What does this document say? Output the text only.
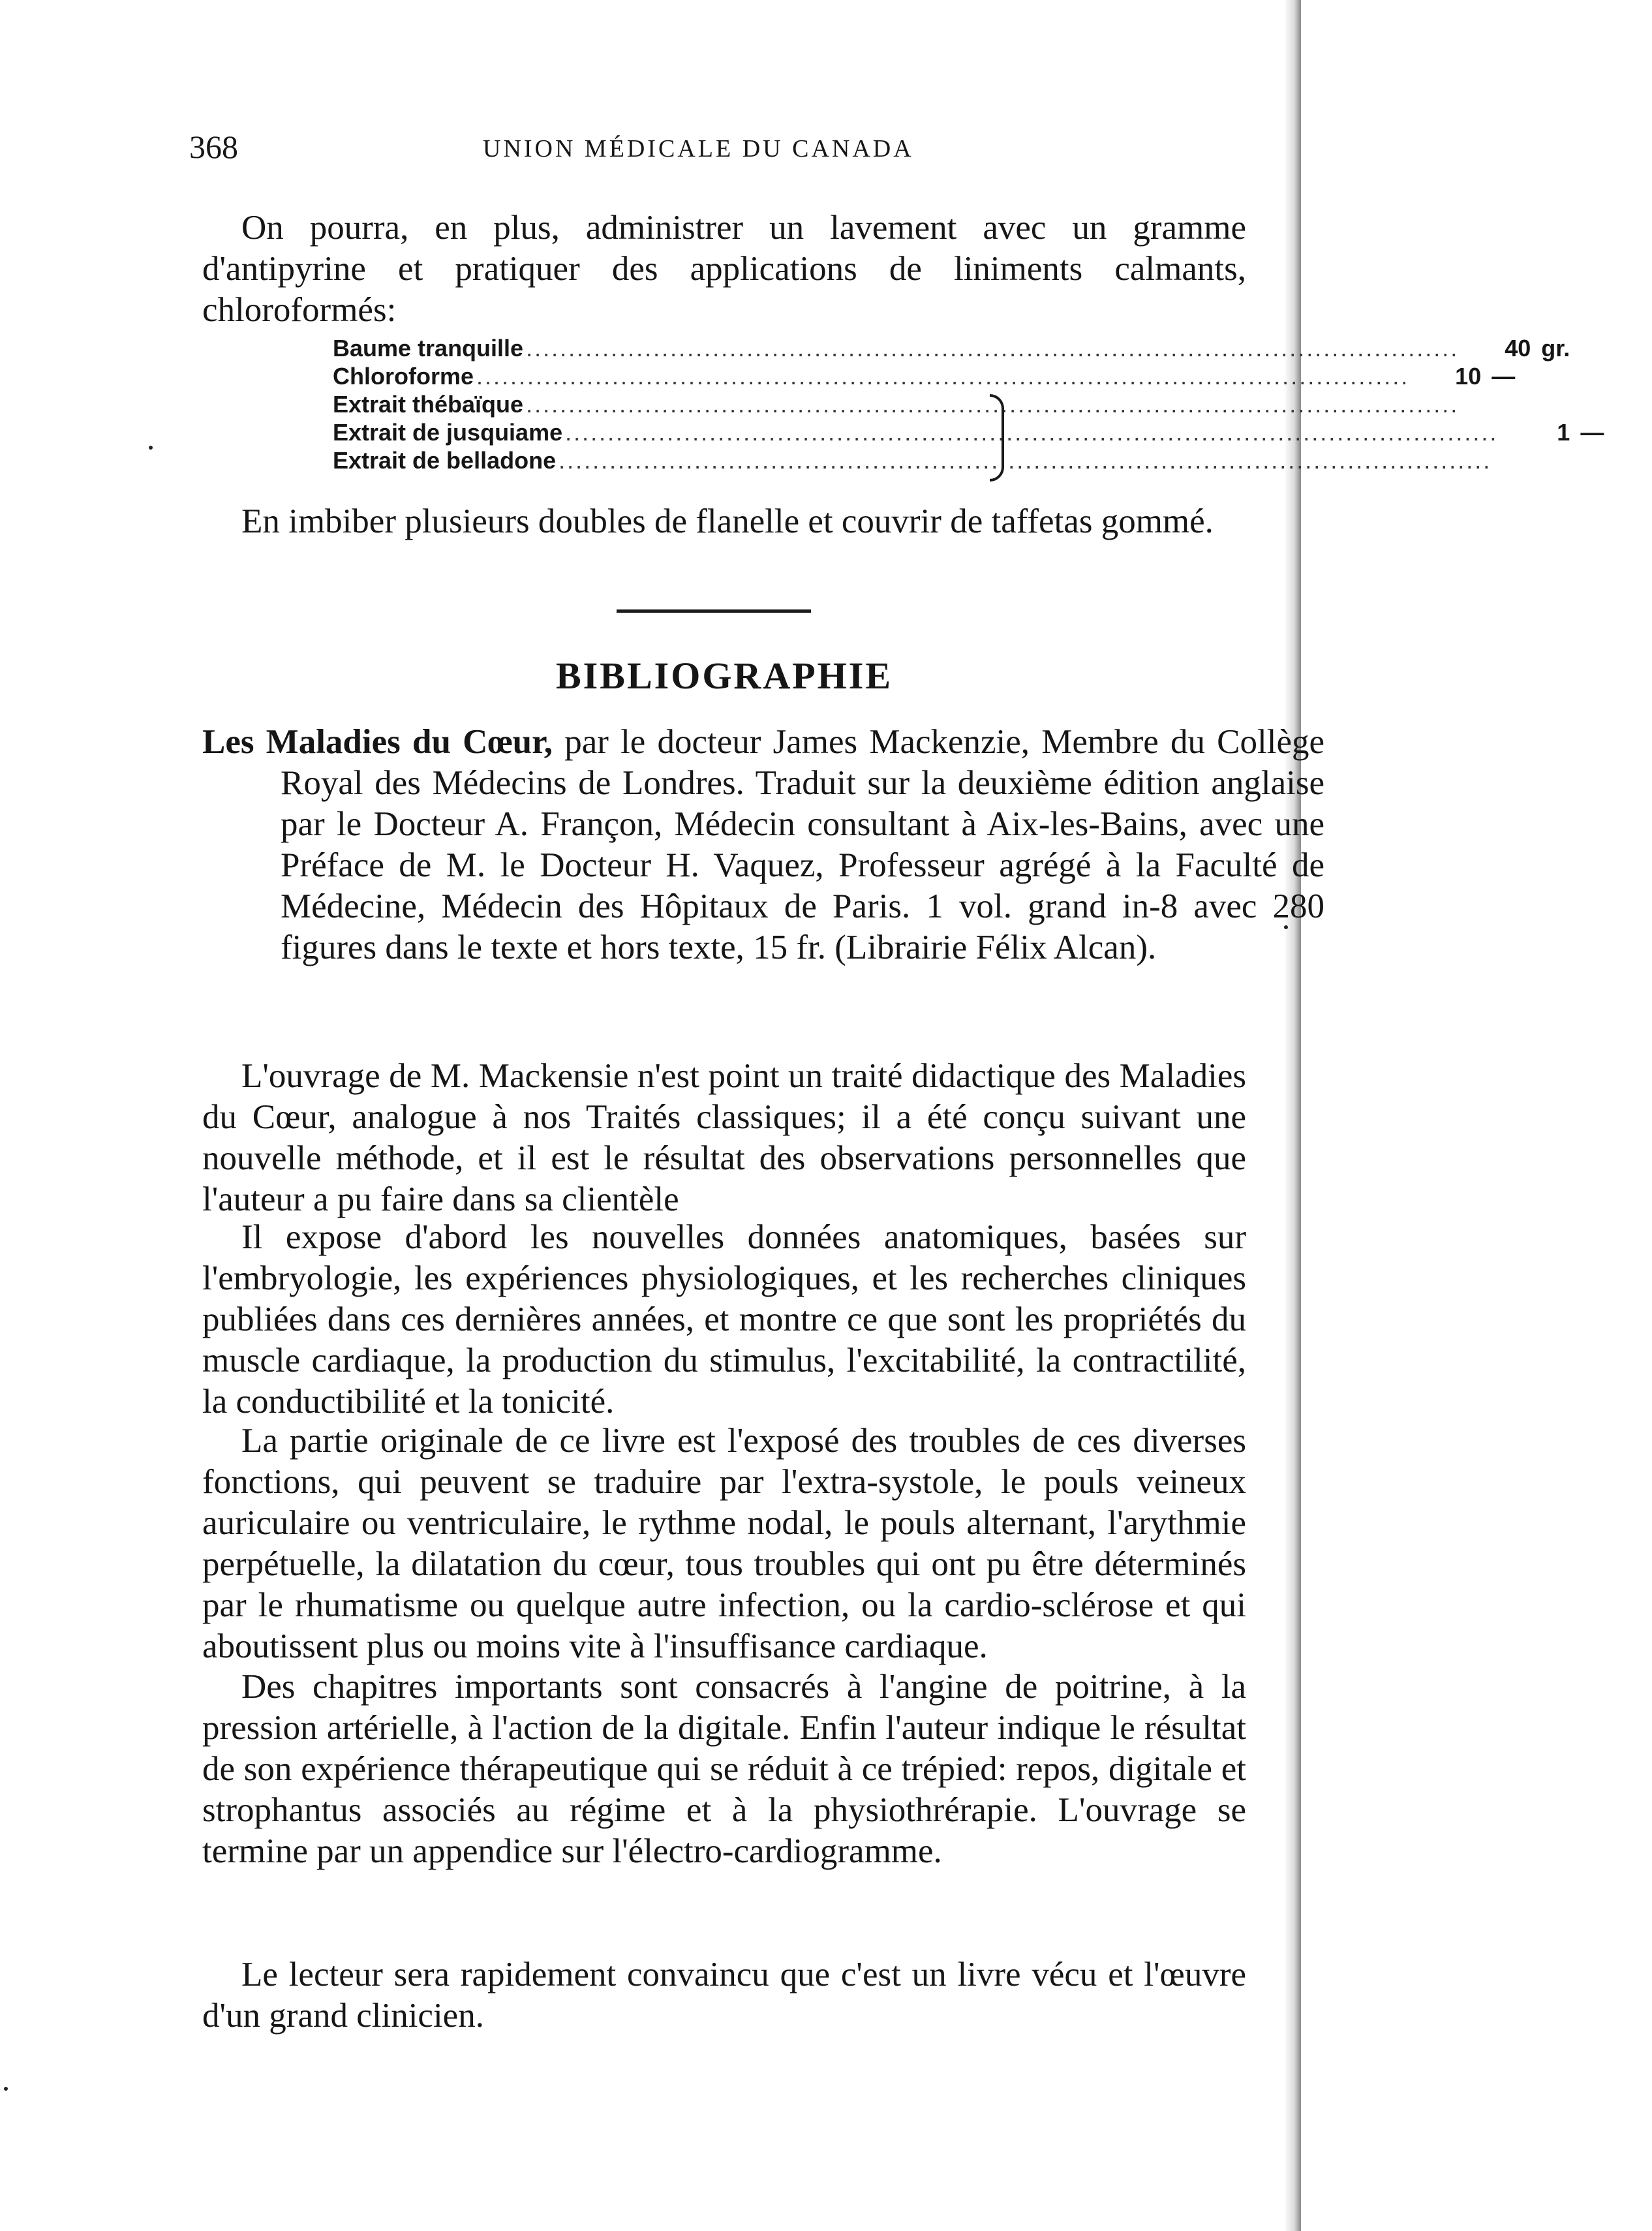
368	UNION MÉDICALE DU CANADA

On pourra, en plus, administrer un lavement avec un gramme d'antipyrine et pratiquer des applications de liniments calmants, chloroformés:

Baume tranquille ..............................................................................................................	40 gr.
Chloroforme ..............................................................................................................	10 —
Extrait thébaïque ..............................................................................................................
Extrait de jusquiame ..............................................................................................................	1 —
Extrait de belladone ..............................................................................................................

En imbiber plusieurs doubles de flanelle et couvrir de taffetas gommé.

BIBLIOGRAPHIE

Les Maladies du Cœur, par le docteur James Mackenzie, Membre du Collège Royal des Médecins de Londres. Traduit sur la deuxième édition anglaise par le Docteur A. Françon, Médecin consultant à Aix-les-Bains, avec une Préface de M. le Docteur H. Vaquez, Professeur agrégé à la Faculté de Médecine, Médecin des Hôpitaux de Paris. 1 vol. grand in-8 avec 280 figures dans le texte et hors texte, 15 fr. (Librairie Félix Alcan).

L'ouvrage de M. Mackensie n'est point un traité didactique des Maladies du Cœur, analogue à nos Traités classiques; il a été conçu suivant une nouvelle méthode, et il est le résultat des observations personnelles que l'auteur a pu faire dans sa clientèle

Il expose d'abord les nouvelles données anatomiques, basées sur l'embryologie, les expériences physiologiques, et les recherches cliniques publiées dans ces dernières années, et montre ce que sont les propriétés du muscle cardiaque, la production du stimulus, l'excitabilité, la contractilité, la conductibilité et la tonicité.

La partie originale de ce livre est l'exposé des troubles de ces diverses fonctions, qui peuvent se traduire par l'extra-systole, le pouls veineux auriculaire ou ventriculaire, le rythme nodal, le pouls alternant, l'arythmie perpétuelle, la dilatation du cœur, tous troubles qui ont pu être déterminés par le rhumatisme ou quelque autre infection, ou la cardio-sclérose et qui aboutissent plus ou moins vite à l'insuffisance cardiaque.

Des chapitres importants sont consacrés à l'angine de poitrine, à la pression artérielle, à l'action de la digitale. Enfin l'auteur indique le résultat de son expérience thérapeutique qui se réduit à ce trépied: repos, digitale et strophantus associés au régime et à la physiothrérapie. L'ouvrage se termine par un appendice sur l'électro-cardiogramme.

Le lecteur sera rapidement convaincu que c'est un livre vécu et l'œuvre d'un grand clinicien.
